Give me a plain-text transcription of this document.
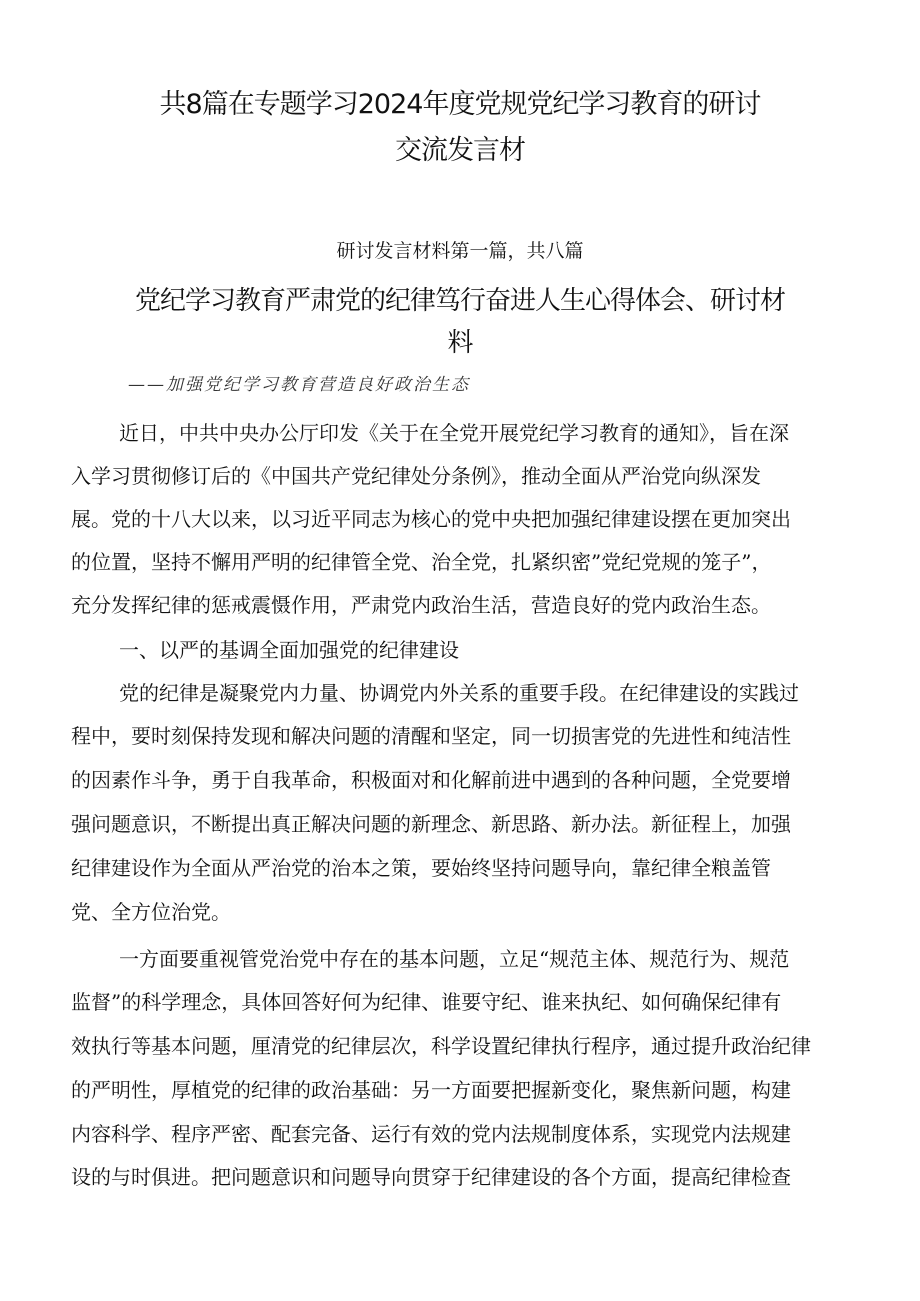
共8篇在专题学习2024年度党规党纪学习教育的研讨
交流发言材
研讨发言材料第一篇，共八篇
党纪学习教育严肃党的纪律笃行奋进人生心得体会、研讨材
料
——加强党纪学习教育营造良好政治生态
近日，中共中央办公厅印发《关于在全党开展党纪学习教育的通知》，旨在深
入学习贯彻修订后的《中国共产党纪律处分条例》，推动全面从严治党向纵深发
展。党的十八大以来，以习近平同志为核心的党中央把加强纪律建设摆在更加突出
的位置，坚持不懈用严明的纪律管全党、治全党，扎紧织密”党纪党规的笼子”，
充分发挥纪律的惩戒震慑作用，严肃党内政治生活，营造良好的党内政治生态。
一、以严的基调全面加强党的纪律建设
党的纪律是凝聚党内力量、协调党内外关系的重要手段。在纪律建设的实践过
程中，要时刻保持发现和解决问题的清醒和坚定，同一切损害党的先进性和纯洁性
的因素作斗争，勇于自我革命，积极面对和化解前进中遇到的各种问题，全党要增
强问题意识，不断提出真正解决问题的新理念、新思路、新办法。新征程上，加强
纪律建设作为全面从严治党的治本之策，要始终坚持问题导向，靠纪律全粮盖管
党、全方位治党。
一方面要重视管党治党中存在的基本问题，立足“规范主体、规范行为、规范
监督”的科学理念，具体回答好何为纪律、谁要守纪、谁来执纪、如何确保纪律有
效执行等基本问题，厘清党的纪律层次，科学设置纪律执行程序，通过提升政治纪律
的严明性，厚植党的纪律的政治基础：另一方面要把握新变化，聚焦新问题，构建
内容科学、程序严密、配套完备、运行有效的党内法规制度体系，实现党内法规建
设的与时俱进。把问题意识和问题导向贯穿于纪律建设的各个方面，提高纪律检查
